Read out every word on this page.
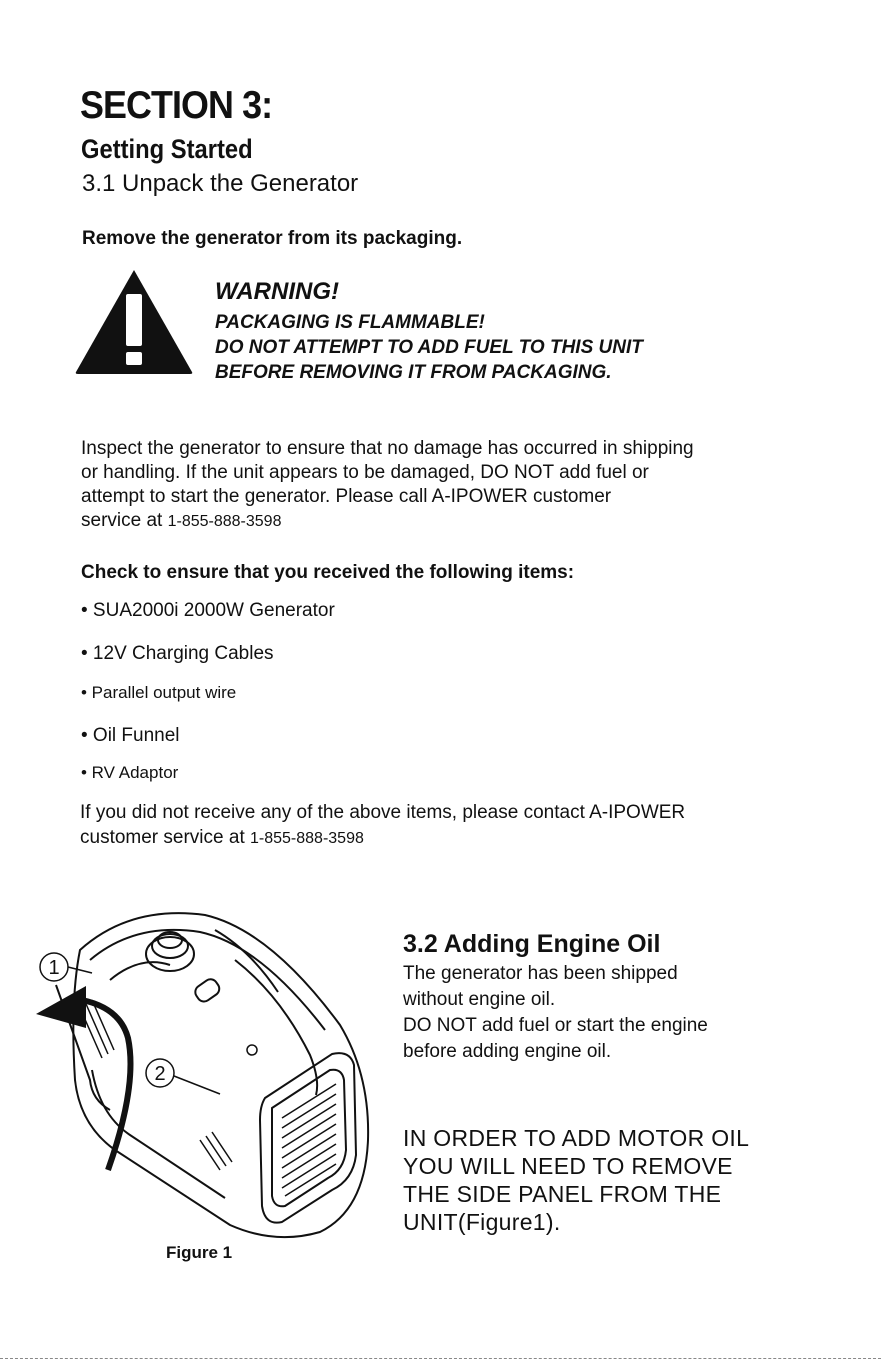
SECTION 3:
Getting Started
3.1 Unpack the Generator

Remove the generator from its packaging.

WARNING!

PACKAGING IS FLAMMABLE!

DO NOT ATTEMPT TO ADD FUEL TO THIS UNIT

BEFORE REMOVING IT FROM PACKAGING.

Inspect the generator to ensure that no damage has occurred in shipping
or handling. If the unit appears to be damaged, DO NOT add fuel or
attempt to start the generator. Please call A-IPOWER customer
service at 1-855-888-3598

Check to ensure that you received the following items:

• SUA2000i 2000W Generator

• 12V Charging Cables

• Parallel output wire

• Oil Funnel

• RV Adaptor

If you did not receive any of the above items, please contact A-IPOWER
customer service at 1-855-888-3598
1
2

Figure 1

3.2 Adding Engine Oil

The generator has been shipped

without engine oil.

DO NOT add fuel or start the engine

before adding engine oil.

IN ORDER TO ADD MOTOR OIL

YOU WILL NEED TO REMOVE

THE SIDE PANEL FROM THE

UNIT(Figure1).
